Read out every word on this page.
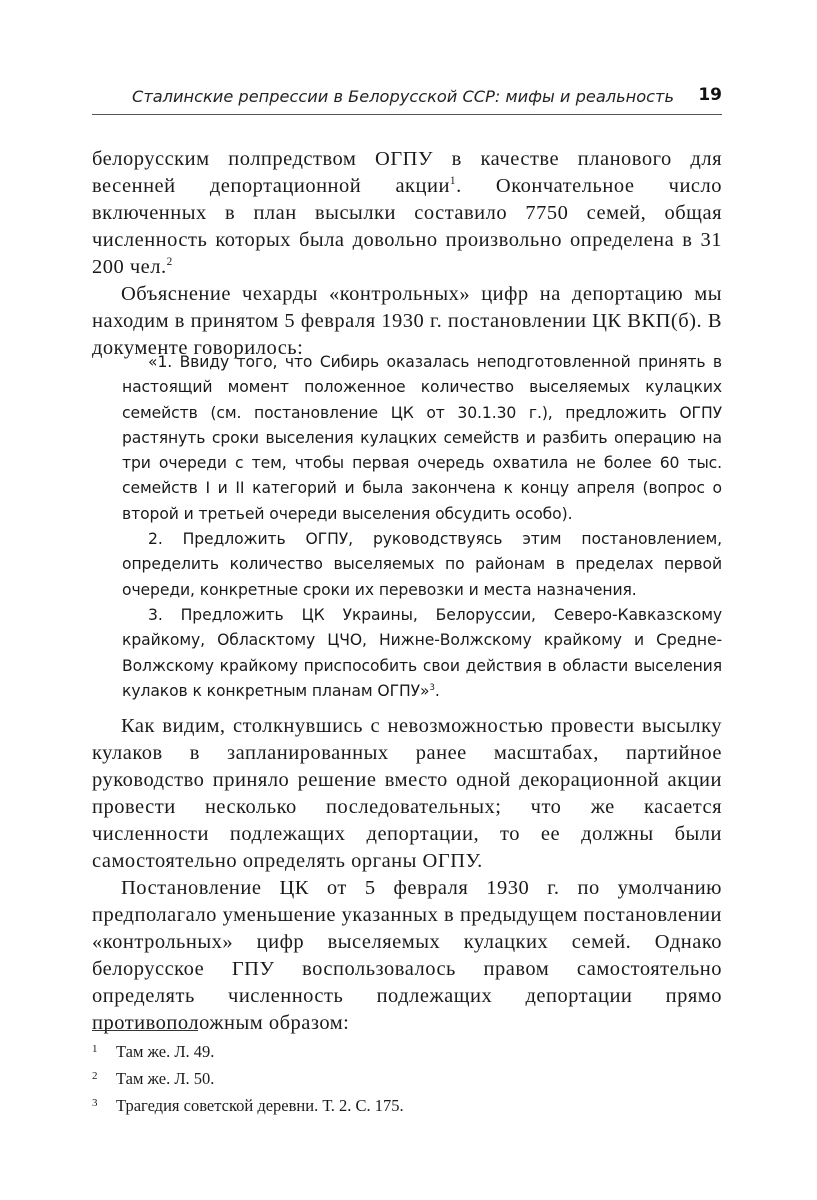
Сталинские репрессии в Белорусской ССР: мифы и реальность 19

белорусским полпредством ОГПУ в качестве планового для весенней депортационной акции$^1$. Окончательное число включенных в план высылки составило 7750 семей, общая численность которых была довольно произвольно определена в 31 200 чел.$^2$

Объяснение чехарды «контрольных» цифр на депортацию мы находим в принятом 5 февраля 1930 г. постановлении ЦК ВКП(б). В документе говорилось:

«1. Ввиду того, что Сибирь оказалась неподготовленной принять в настоящий момент положенное количество выселяемых кулацких семейств (см. постановление ЦК от 30.1.30 г.), предложить ОГПУ растянуть сроки выселения кулацких семейств и разбить операцию на три очереди с тем, чтобы первая очередь охватила не более 60 тыс. семейств I и II категорий и была закончена к концу апреля (вопрос о второй и третьей очереди выселения обсудить особо).

2. Предложить ОГПУ, руководствуясь этим постановлением, определить количество выселяемых по районам в пределах первой очереди, конкретные сроки их перевозки и места назначения.

3. Предложить ЦК Украины, Белоруссии, Северо-Кавказскому крайкому, Обласктому ЦЧО, Нижне-Волжскому крайкому и Средне-Волжскому крайкому приспособить свои действия в области выселения кулаков к конкретным планам ОГПУ»$^3$.

Как видим, столкнувшись с невозможностью провести высылку кулаков в запланированных ранее масштабах, партийное руководство приняло решение вместо одной декорационной акции провести несколько последовательных; что же касается численности подлежащих депортации, то ее должны были самостоятельно определять органы ОГПУ.

Постановление ЦК от 5 февраля 1930 г. по умолчанию предполагало уменьшение указанных в предыдущем постановлении «контрольных» цифр выселяемых кулацких семей. Однако белорусское ГПУ воспользовалось правом самостоятельно определять численность подлежащих депортации прямо противоположным образом:

1 Там же. Л. 49.
2 Там же. Л. 50.
3 Трагедия советской деревни. Т. 2. С. 175.
